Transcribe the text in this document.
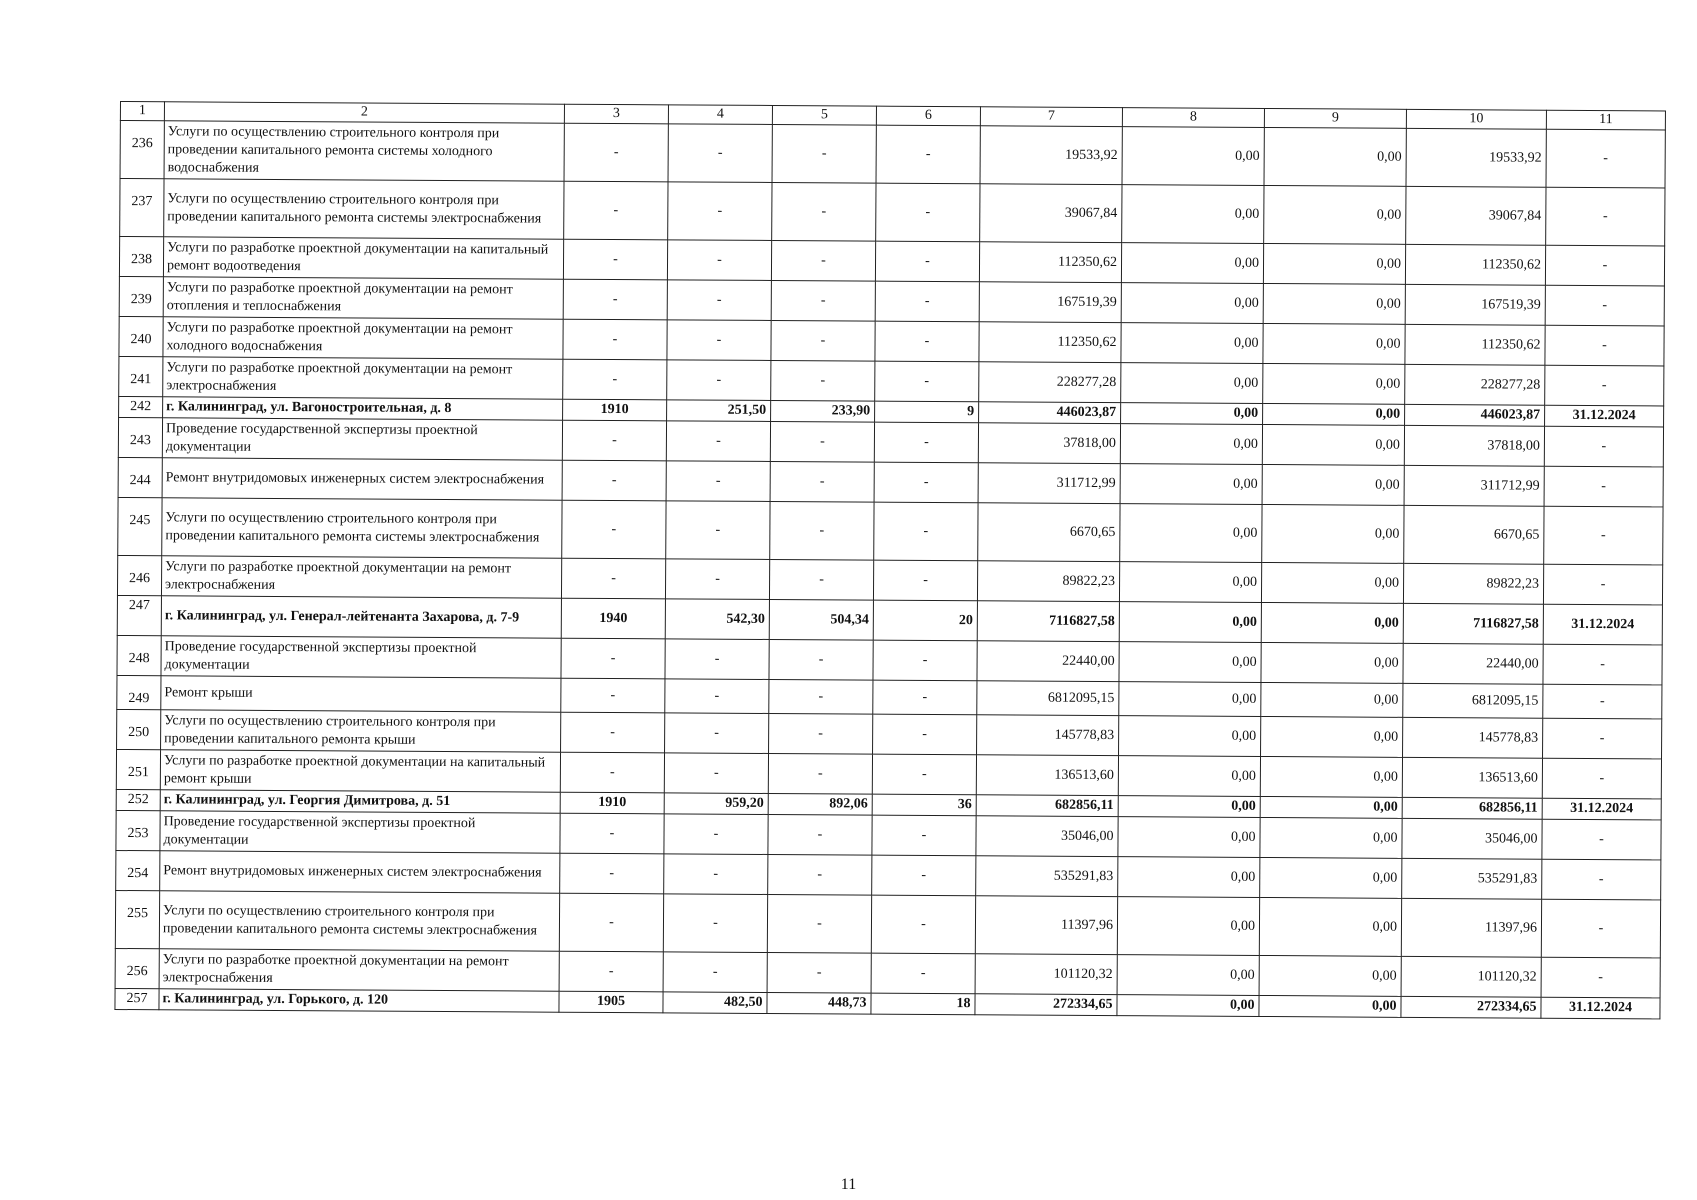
1	2	3	4	5	6	7	8	9	10	11
236	Услуги по осуществлению строительного контроля при проведении капитального ремонта системы холодного водоснабжения	-	-	-	-	19533,92	0,00	0,00	19533,92	-
237	Услуги по осуществлению строительного контроля при проведении капитального ремонта системы электроснабжения	-	-	-	-	39067,84	0,00	0,00	39067,84	-
238	Услуги по разработке проектной документации на капитальный ремонт водоотведения	-	-	-	-	112350,62	0,00	0,00	112350,62	-
239	Услуги по разработке проектной документации на ремонт отопления и теплоснабжения	-	-	-	-	167519,39	0,00	0,00	167519,39	-
240	Услуги по разработке проектной документации на ремонт холодного водоснабжения	-	-	-	-	112350,62	0,00	0,00	112350,62	-
241	Услуги по разработке проектной документации на ремонт электроснабжения	-	-	-	-	228277,28	0,00	0,00	228277,28	-
242	г. Калининград, ул. Вагоностроительная, д. 8	1910	251,50	233,90	9	446023,87	0,00	0,00	446023,87	31.12.2024
243	Проведение государственной экспертизы проектной документации	-	-	-	-	37818,00	0,00	0,00	37818,00	-
244	Ремонт внутридомовых инженерных систем электроснабжения	-	-	-	-	311712,99	0,00	0,00	311712,99	-
245	Услуги по осуществлению строительного контроля при проведении капитального ремонта системы электроснабжения	-	-	-	-	6670,65	0,00	0,00	6670,65	-
246	Услуги по разработке проектной документации на ремонт электроснабжения	-	-	-	-	89822,23	0,00	0,00	89822,23	-
247	г. Калининград, ул. Генерал-лейтенанта Захарова, д. 7-9	1940	542,30	504,34	20	7116827,58	0,00	0,00	7116827,58	31.12.2024
248	Проведение государственной экспертизы проектной документации	-	-	-	-	22440,00	0,00	0,00	22440,00	-
249	Ремонт крыши	-	-	-	-	6812095,15	0,00	0,00	6812095,15	-
250	Услуги по осуществлению строительного контроля при проведении капитального ремонта крыши	-	-	-	-	145778,83	0,00	0,00	145778,83	-
251	Услуги по разработке проектной документации на капитальный ремонт крыши	-	-	-	-	136513,60	0,00	0,00	136513,60	-
252	г. Калининград, ул. Георгия Димитрова, д. 51	1910	959,20	892,06	36	682856,11	0,00	0,00	682856,11	31.12.2024
253	Проведение государственной экспертизы проектной документации	-	-	-	-	35046,00	0,00	0,00	35046,00	-
254	Ремонт внутридомовых инженерных систем электроснабжения	-	-	-	-	535291,83	0,00	0,00	535291,83	-
255	Услуги по осуществлению строительного контроля при проведении капитального ремонта системы электроснабжения	-	-	-	-	11397,96	0,00	0,00	11397,96	-
256	Услуги по разработке проектной документации на ремонт электроснабжения	-	-	-	-	101120,32	0,00	0,00	101120,32	-
257	г. Калининград, ул. Горького, д. 120	1905	482,50	448,73	18	272334,65	0,00	0,00	272334,65	31.12.2024
11
